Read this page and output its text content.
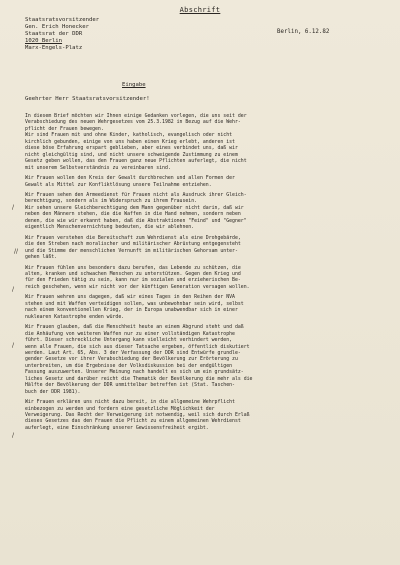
Abschrift
Staatsratsvorsitzender
Gen. Erich Honecker
Staatsrat der DDR
1020 Berlin
Marx-Engels-Platz
Berlin, 6.12.82
Eingabe
Geehrter Herr Staatsratsvorsitzender!
In diesem Brief möchten wir Ihnen einige Gedanken vorlegen, die uns seit der
Verabschiedung des neuen Wehrgesetzes vom 25.3.1982 in Bezug auf die Wehr-
pflicht der Frauen bewegen.
Wir sind Frauen mit und ohne Kinder, katholisch, evangelisch oder nicht
kirchlich gebunden, einige von uns haben einen Krieg erlebt, anderen ist
diese böse Erfahrung erspart geblieben, aber eines verbindet uns, daß wir
nicht gleichgültig sind, und nicht unsere schweigende Zustimmung zu einem
Gesetz geben wollen, das den Frauen ganz neue Pflichten auferlegt, die nicht
mit unserem Selbstverständnis zu vereinbaren sind.
Wir Frauen wollen den Kreis der Gewalt durchbrechen und allen Formen der
Gewalt als Mittel zur Konfliktlösung unsere Teilnahme entziehen.
Wir Frauen sehen den Armeedienst für Frauen nicht als Ausdruck ihrer Gleich-
berechtigung, sondern als im Widerspruch zu ihrem Frausein.
Wir sehen unsere Gleichberechtigung dem Mann gegenüber nicht darin, daß wir
neben den Männern stehen, die die Waffen in die Hand nehmen, sondern neben
denen, die wie wir erkannt haben, daß die Abstraktionen "Feind" und "Gegner"
eigentlich Menschenvernichtung bedeuten, die wir ablehnen.
Wir Frauen verstehen die Bereitschaft zum Wehrdienst als eine Drohgebärde,
die den Streben nach moralischer und militärischer Abrüstung entgegensteht
und die Stimme der menschlichen Vernunft im militärischen Gehorsam unter-
gehen läßt.
Wir Frauen fühlen uns besonders dazu berufen, das Lebende zu schützen, die
alten, kranken und schwachen Menschen zu unterstützen. Gegen den Krieg und
für den Frieden tätig zu sein, kann nur im sozialen und erzieherischen Be-
reich geschehen, wenn wir nicht vor der künftigen Generation versagen wollen.
Wir Frauen wehren uns dagegen, daß wir eines Tages in den Reihen der NVA
stehen und mit Waffen verteidigen sollen, was unbewohnbar sein wird, selbst
nach einem konventionellen Krieg, der in Europa unabwendbar sich in einer
nuklearen Katastrophe enden würde.
Wir Frauen glauben, daß die Menschheit heute an einem Abgrund steht und daß
die Anhäufung von weiteren Waffen nur zu einer vollständigen Katastrophe
führt. Dieser schreckliche Untergang kann vielleicht verhindert werden,
wenn alle Frauen, die sich aus dieser Tatsache ergeben, öffentlich diskutiert
werden. Laut Art. 65, Abs. 3 der Verfassung der DDR sind Entwürfe grundle-
gender Gesetze vor ihrer Verabschiedung der Bevölkerung zur Erörterung zu
unterbreiten, um die Ergebnisse der Volksdiskussion bei der endgültigen
Fassung auszuwerten. Unserer Meinung nach handelt es sich um ein grundsätz-
liches Gesetz und darüber reicht die Thematik der Bevölkerung die mehr als die
Hälfte der Bevölkerung der DDR unmittelbar betreffen ist (Stat. Taschen-
buch der DDR 1981).
Wir Frauen erklären uns nicht dazu bereit, in die allgemeine Wehrpflicht
einbezogen zu werden und fordern eine gesetzliche Möglichkeit der
Verweigerung. Das Recht der Verweigerung ist notwendig, weil sich durch Erlaß
dieses Gesetzes das den Frauen die Pflicht zu einem allgemeinen Wehrdienst
auferlegt, eine Einschränkung unserer Gewissensfreiheit ergibt.
/
//
/
/
/
